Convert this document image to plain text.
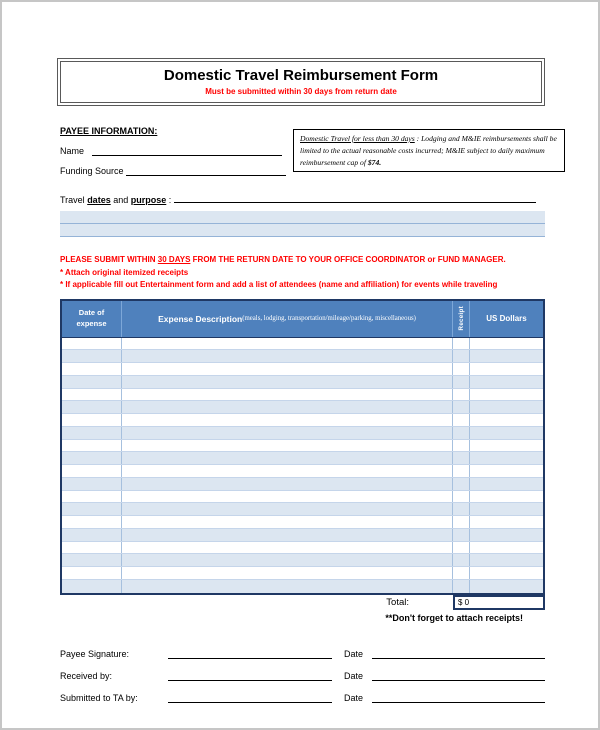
Domestic Travel Reimbursement Form
Must be submitted within 30 days from return date
PAYEE INFORMATION:
Name
Funding Source
Domestic Travel for less than 30 days : Lodging and M&IE reimbursements shall be limited to the actual reasonable costs incurred; M&IE subject to daily maximum reimbursement cap of $74.
Travel dates and purpose :
PLEASE SUBMIT WITHIN 30 DAYS FROM THE RETURN DATE TO YOUR OFFICE COORDINATOR or FUND MANAGER.
* Attach original itemized receipts
* If applicable fill out Entertainment form and add a list of attendees (name and affiliation) for events while traveling
Date of expense	Expense Description (meals, lodging, transportation/mileage/parking, miscellaneous)	Receipt	US Dollars
Total:	$ 0
**Don't forget to attach receipts!
Payee Signature:	Date
Received by:	Date
Submitted to TA by:	Date
